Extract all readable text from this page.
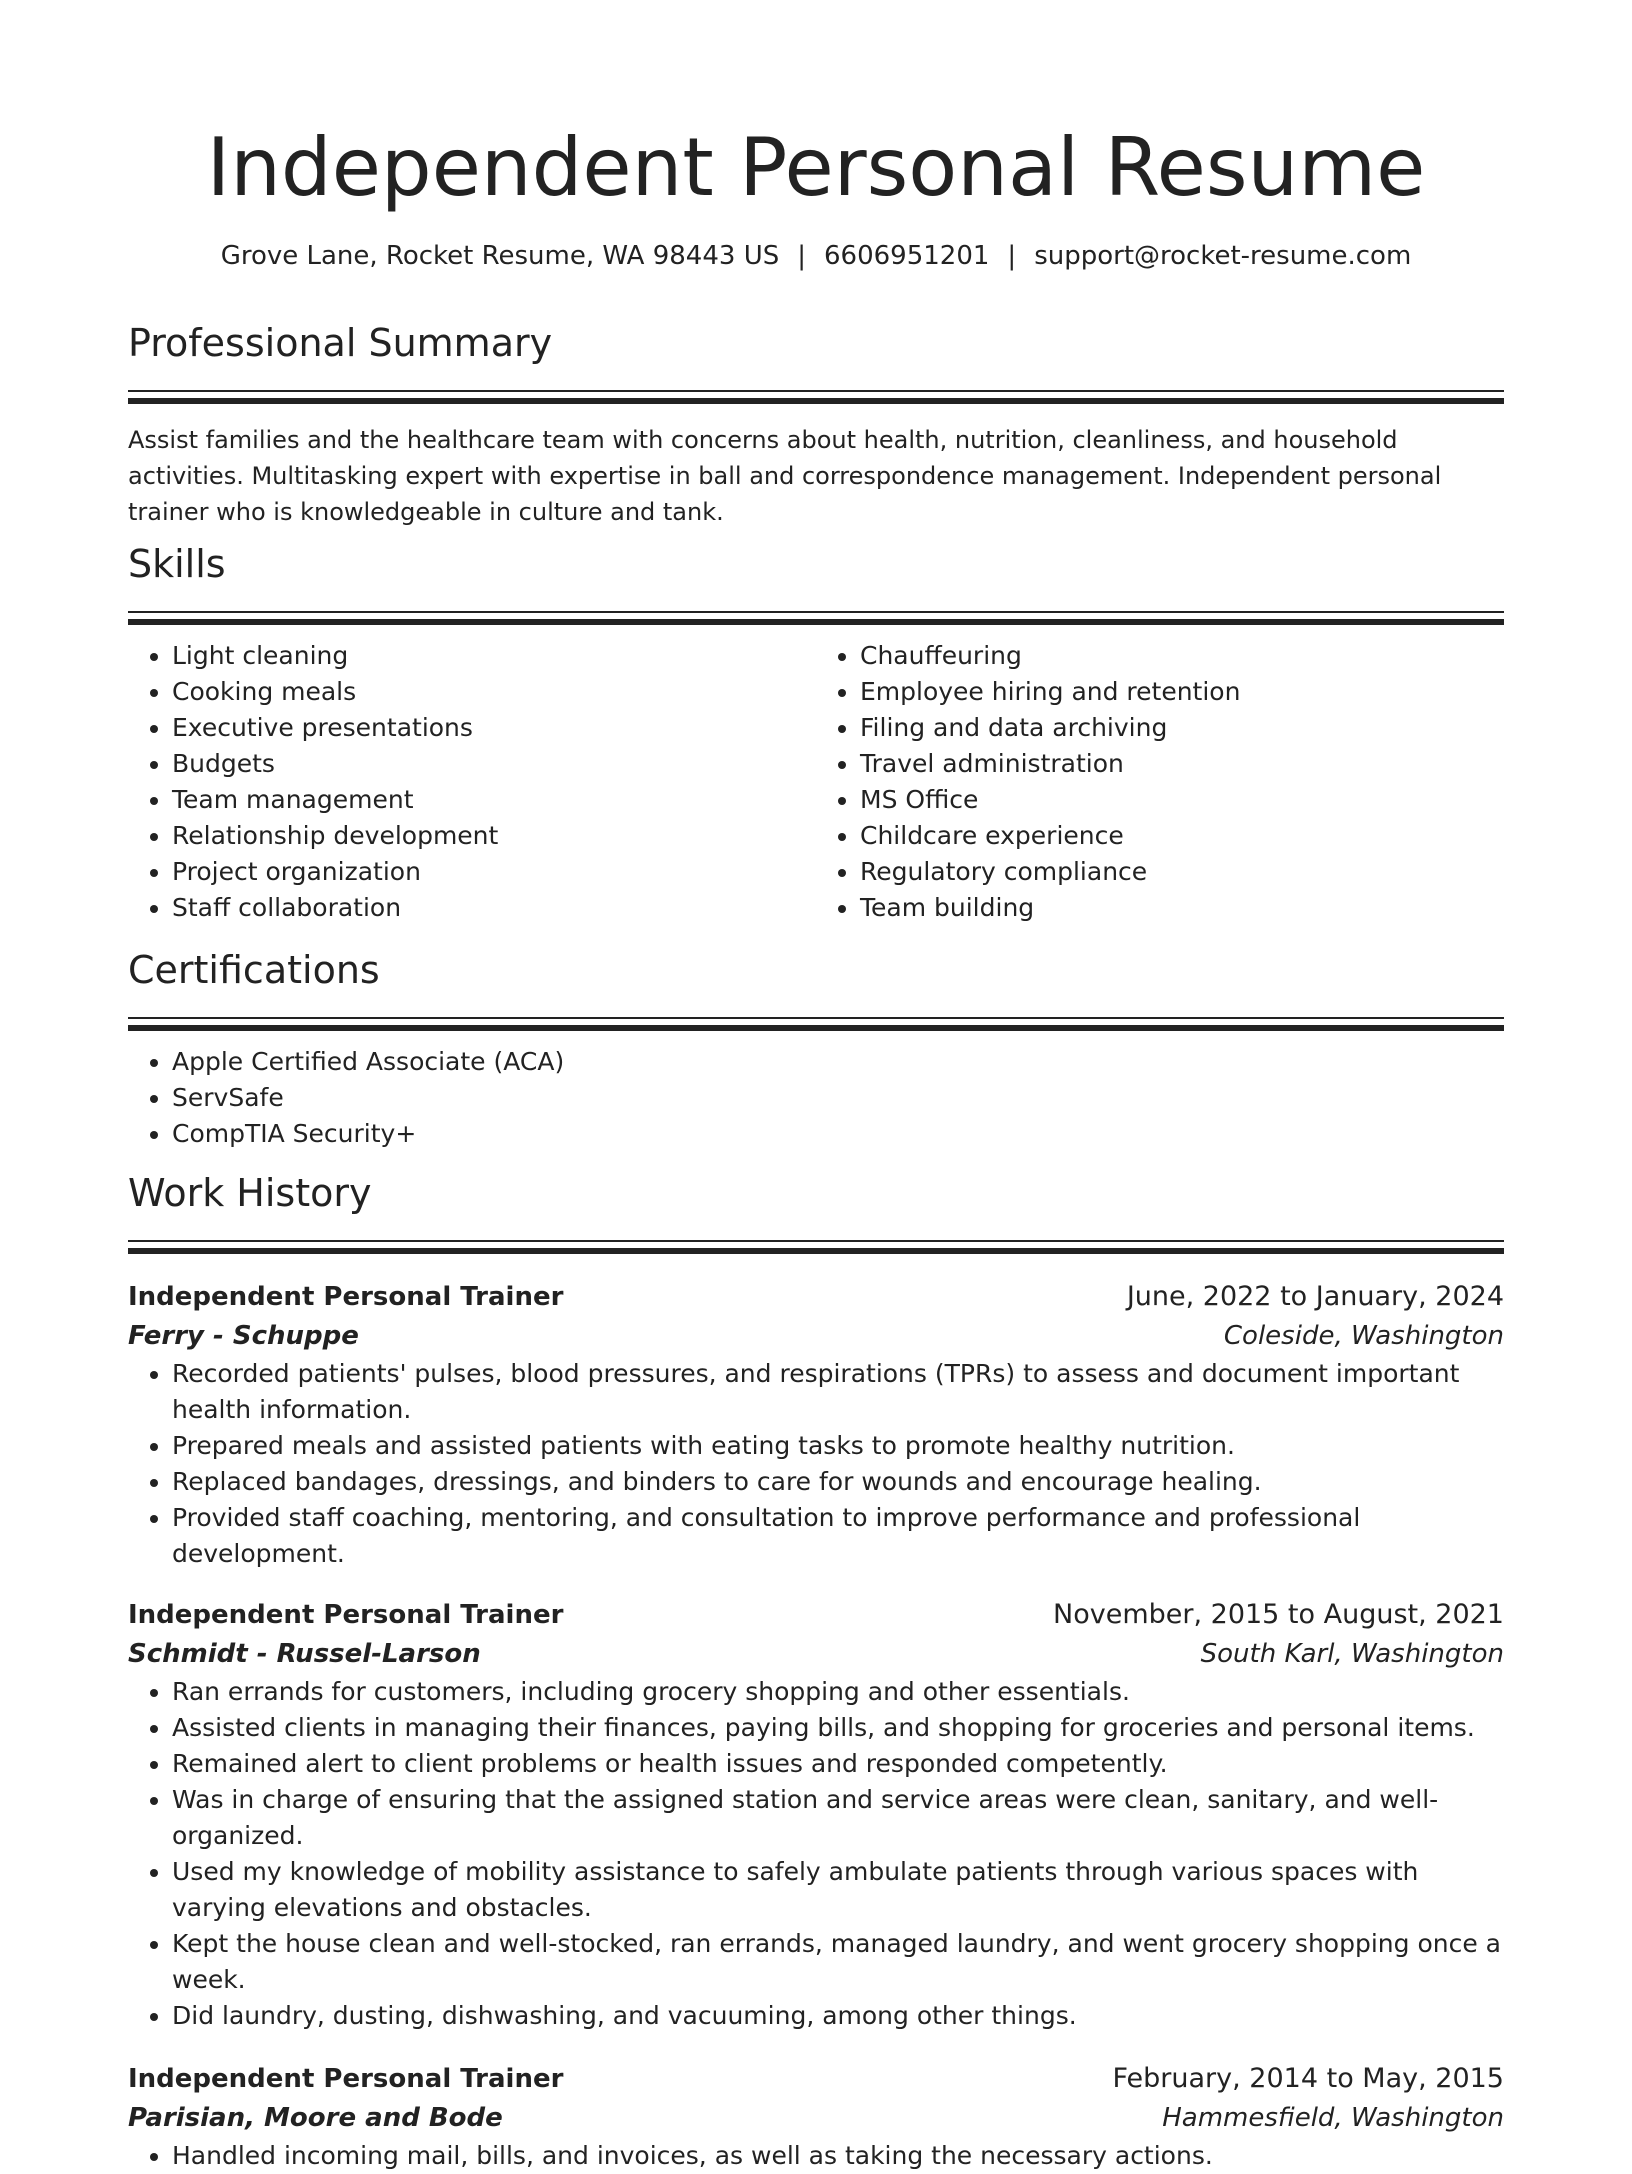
Independent Personal Resume
Grove Lane, Rocket Resume, WA 98443 US | 6606951201 | support@rocket-resume.com
Professional Summary

Assist families and the healthcare team with concerns about health, nutrition, cleanliness, and household activities. Multitasking expert with expertise in ball and correspondence management. Independent personal trainer who is knowledgeable in culture and tank.

Skills
• Light cleaning
• Cooking meals
• Executive presentations
• Budgets
• Team management
• Relationship development
• Project organization
• Staff collaboration
• Chauffeuring
• Employee hiring and retention
• Filing and data archiving
• Travel administration
• MS Office
• Childcare experience
• Regulatory compliance
• Team building
Certifications
• Apple Certified Associate (ACA)
• ServSafe
• CompTIA Security+
Work History
Independent Personal Trainer	June, 2022 to January, 2024
Ferry - Schuppe	Coleside, Washington
• Recorded patients' pulses, blood pressures, and respirations (TPRs) to assess and document important health information.
• Prepared meals and assisted patients with eating tasks to promote healthy nutrition.
• Replaced bandages, dressings, and binders to care for wounds and encourage healing.
• Provided staff coaching, mentoring, and consultation to improve performance and professional development.
Independent Personal Trainer	November, 2015 to August, 2021
Schmidt - Russel-Larson	South Karl, Washington
• Ran errands for customers, including grocery shopping and other essentials.
• Assisted clients in managing their finances, paying bills, and shopping for groceries and personal items.
• Remained alert to client problems or health issues and responded competently.
• Was in charge of ensuring that the assigned station and service areas were clean, sanitary, and well-organized.
• Used my knowledge of mobility assistance to safely ambulate patients through various spaces with varying elevations and obstacles.
• Kept the house clean and well-stocked, ran errands, managed laundry, and went grocery shopping once a week.
• Did laundry, dusting, dishwashing, and vacuuming, among other things.
Independent Personal Trainer	February, 2014 to May, 2015
Parisian, Moore and Bode	Hammesfield, Washington
• Handled incoming mail, bills, and invoices, as well as taking the necessary actions.
